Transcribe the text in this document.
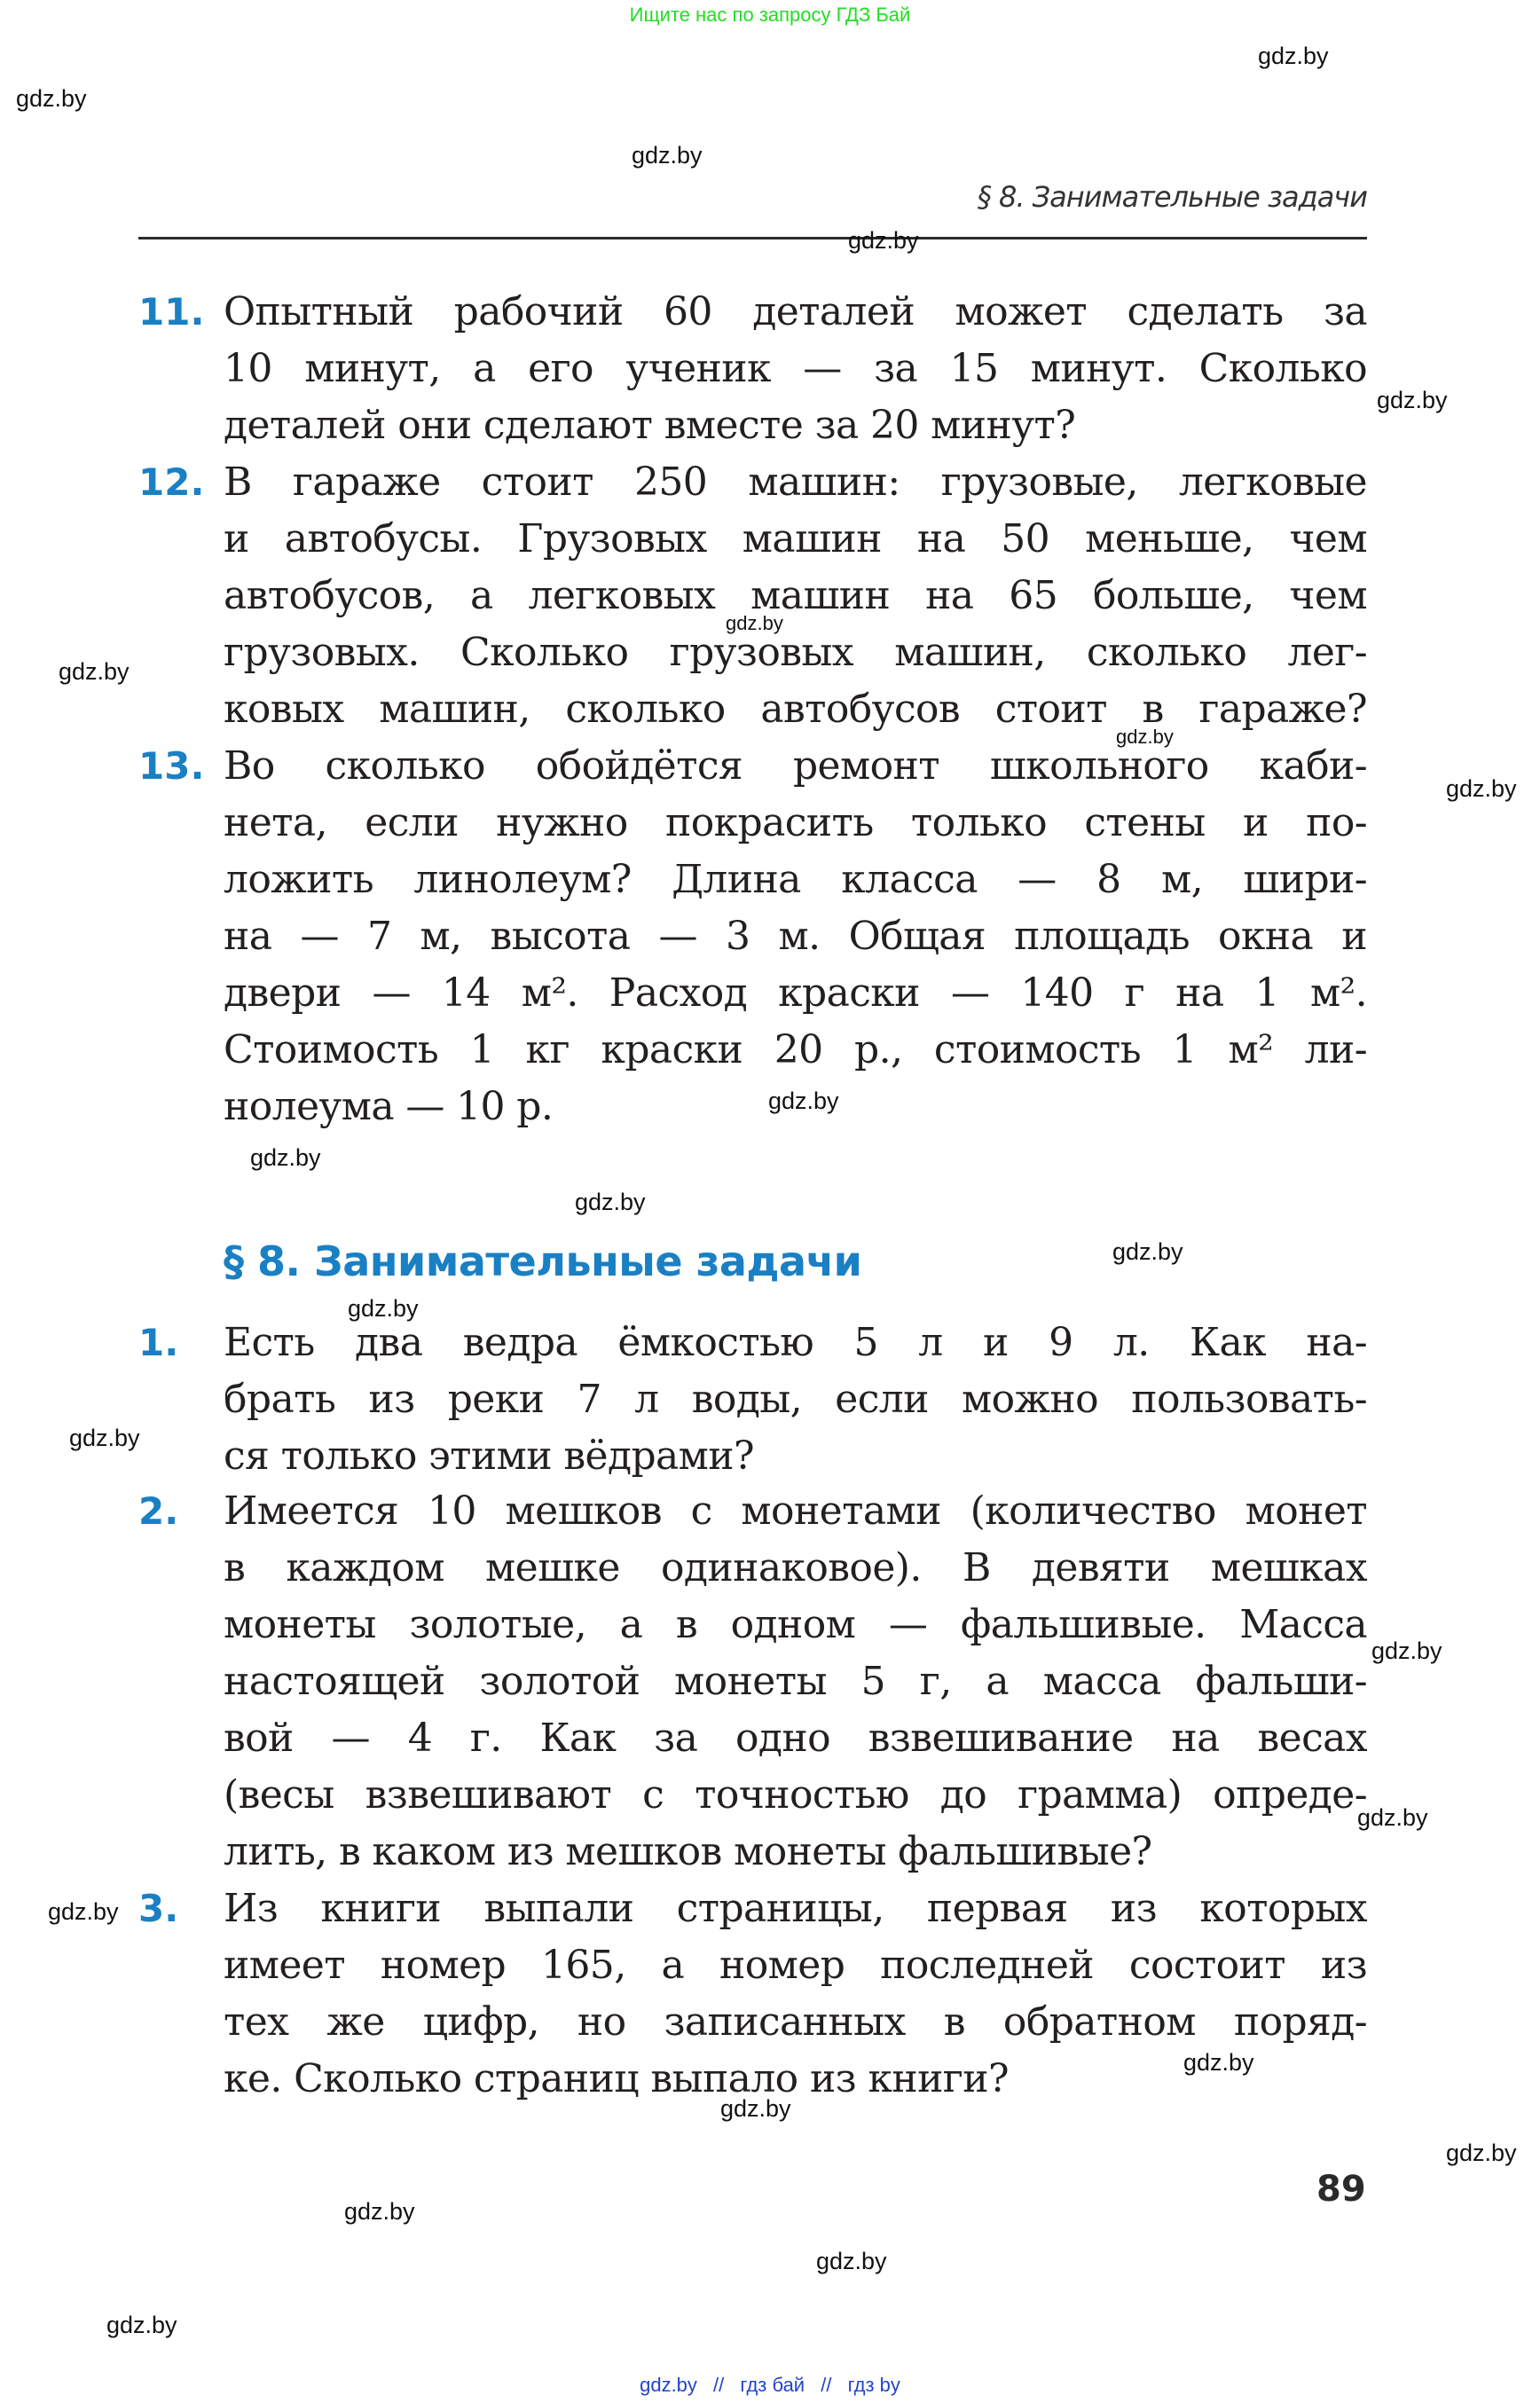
Ищите нас по запросу ГДЗ Бай
§ 8. Занимательные задачи
11. Опытный рабочий 60 деталей может сделать за
10 минут, а его ученик — за 15 минут. Сколько
деталей они сделают вместе за 20 минут?
12. В гараже стоит 250 машин: грузовые, легковые
и автобусы. Грузовых машин на 50 меньше, чем
автобусов, а легковых машин на 65 больше, чем
грузовых. Сколько грузовых машин, сколько лег-
ковых машин, сколько автобусов стоит в гараже?
13. Во сколько обойдётся ремонт школьного каби-
нета, если нужно покрасить только стены и по-
ложить линолеум? Длина класса — 8 м, шири-
на — 7 м, высота — 3 м. Общая площадь окна и
двери — 14 м². Расход краски — 140 г на 1 м².
Стоимость 1 кг краски 20 р., стоимость 1 м² ли-
нолеума — 10 р.
§ 8. Занимательные задачи
1. Есть два ведра ёмкостью 5 л и 9 л. Как на-
брать из реки 7 л воды, если можно пользовать-
ся только этими вёдрами?
2. Имеется 10 мешков с монетами (количество монет
в каждом мешке одинаковое). В девяти мешках
монеты золотые, а в одном — фальшивые. Масса
настоящей золотой монеты 5 г, а масса фальши-
вой — 4 г. Как за одно взвешивание на весах
(весы взвешивают с точностью до грамма) опреде-
лить, в каком из мешков монеты фальшивые?
3. Из книги выпали страницы, первая из которых
имеет номер 165, а номер последней состоит из
тех же цифр, но записанных в обратном поряд-
ке. Сколько страниц выпало из книги?
89
gdz.by
gdz.by
gdz.by
gdz.by
gdz.by
gdz.by
gdz.by
gdz.by
gdz.by
gdz.by
gdz.by
gdz.by
gdz.by
gdz.by
gdz.by
gdz.by
gdz.by
gdz.by
gdz.by
gdz.by
gdz.by
gdz.by
gdz.by
gdz.by
gdz.by // гдз бай // гдз by
